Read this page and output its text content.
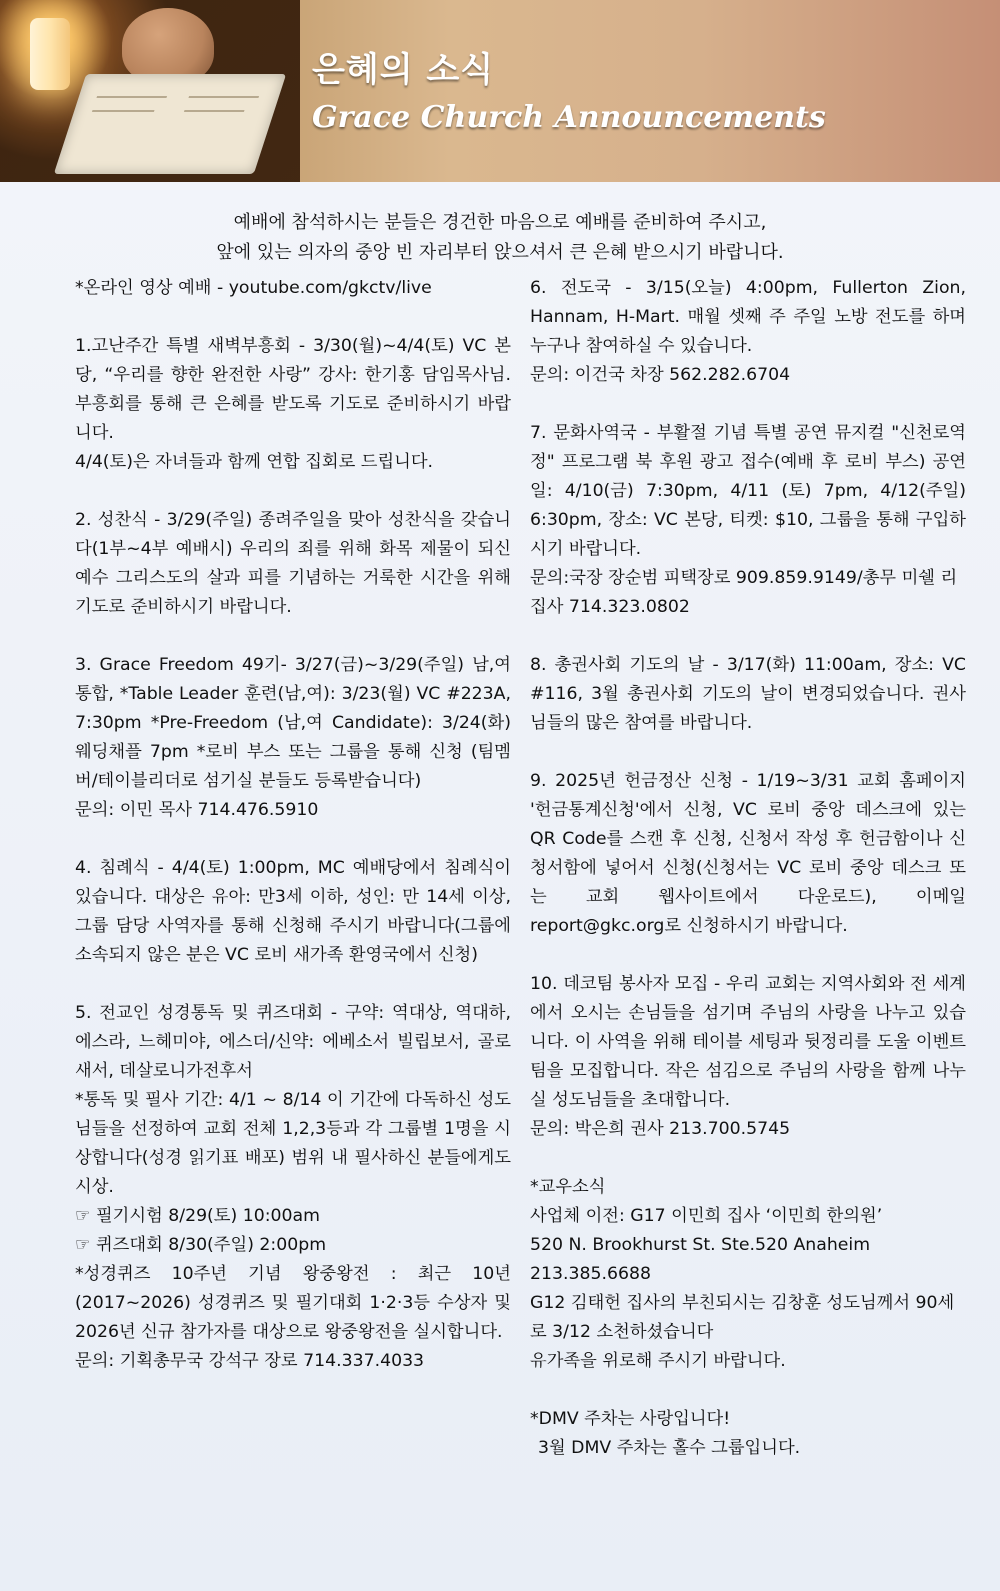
은혜의 소식
Grace Church Announcements

예배에 참석하시는 분들은 경건한 마음으로 예배를 준비하여 주시고,

앞에 있는 의자의 중앙 빈 자리부터 앉으셔서 큰 은혜 받으시기 바랍니다.

*온라인 영상 예배 - youtube.com/gkctv/live

1.고난주간 특별 새벽부흥회 - 3/30(월)~4/4(토) VC 본당, “우리를 향한 완전한 사랑” 강사: 한기홍 담임목사님. 부흥회를 통해 큰 은혜를 받도록 기도로 준비하시기 바랍니다.

4/4(토)은 자녀들과 함께 연합 집회로 드립니다.

2. 성찬식 - 3/29(주일) 종려주일을 맞아 성찬식을 갖습니다(1부~4부 예배시) 우리의 죄를 위해 화목 제물이 되신 예수 그리스도의 살과 피를 기념하는 거룩한 시간을 위해 기도로 준비하시기 바랍니다.

3. Grace Freedom 49기- 3/27(금)~3/29(주일) 남,여 통합, *Table Leader 훈련(남,여): 3/23(월) VC #223A, 7:30pm *Pre-Freedom (남,여 Candidate): 3/24(화) 웨딩채플 7pm *로비 부스 또는 그룹을 통해 신청 (팀멤버/테이블리더로 섬기실 분들도 등록받습니다)

문의: 이민 목사 714.476.5910

4. 침례식 - 4/4(토) 1:00pm, MC 예배당에서 침례식이 있습니다. 대상은 유아: 만3세 이하, 성인: 만 14세 이상, 그룹 담당 사역자를 통해 신청해 주시기 바랍니다(그룹에 소속되지 않은 분은 VC 로비 새가족 환영국에서 신청)

5. 전교인 성경통독 및 퀴즈대회 - 구약: 역대상, 역대하, 에스라, 느헤미야, 에스더/신약: 에베소서 빌립보서, 골로새서, 데살로니가전후서

*통독 및 필사 기간: 4/1 ~ 8/14 이 기간에 다독하신 성도님들을 선정하여 교회 전체 1,2,3등과 각 그룹별 1명을 시상합니다(성경 읽기표 배포) 범위 내 필사하신 분들에게도 시상.

☞ 필기시험 8/29(토) 10:00am

☞ 퀴즈대회 8/30(주일) 2:00pm

*성경퀴즈 10주년 기념 왕중왕전 : 최근 10년(2017~2026) 성경퀴즈 및 필기대회 1·2·3등 수상자 및 2026년 신규 참가자를 대상으로 왕중왕전을 실시합니다.

문의: 기획총무국 강석구 장로 714.337.4033

6. 전도국 - 3/15(오늘) 4:00pm, Fullerton Zion, Hannam, H-Mart. 매월 셋째 주 주일 노방 전도를 하며 누구나 참여하실 수 있습니다.

문의: 이건국 차장 562.282.6704

7. 문화사역국 - 부활절 기념 특별 공연 뮤지컬 "신천로역정" 프로그램 북 후원 광고 접수(예배 후 로비 부스) 공연일: 4/10(금) 7:30pm, 4/11 (토) 7pm, 4/12(주일) 6:30pm, 장소: VC 본당, 티켓: $10, 그룹을 통해 구입하시기 바랍니다.

문의:국장 장순범 피택장로 909.859.9149/총무 미쉘 리 집사 714.323.0802

8. 총권사회 기도의 날 - 3/17(화) 11:00am, 장소: VC #116, 3월 총권사회 기도의 날이 변경되었습니다. 권사님들의 많은 참여를 바랍니다.

9. 2025년 헌금정산 신청 - 1/19~3/31 교회 홈페이지 '헌금통계신청'에서 신청, VC 로비 중앙 데스크에 있는 QR Code를 스캔 후 신청, 신청서 작성 후 헌금함이나 신청서함에 넣어서 신청(신청서는 VC 로비 중앙 데스크 또는 교회 웹사이트에서 다운로드), 이메일 report@gkc.org로 신청하시기 바랍니다.

10. 데코팀 봉사자 모집 - 우리 교회는 지역사회와 전 세계에서 오시는 손님들을 섬기며 주님의 사랑을 나누고 있습니다. 이 사역을 위해 테이블 세팅과 뒷정리를 도울 이벤트팀을 모집합니다. 작은 섬김으로 주님의 사랑을 함께 나누실 성도님들을 초대합니다.

문의: 박은희 권사 213.700.5745

*교우소식

사업체 이전: G17 이민희 집사 ‘이민희 한의원’

520 N. Brookhurst St. Ste.520 Anaheim

213.385.6688

G12 김태헌 집사의 부친되시는 김창훈 성도님께서 90세로 3/12 소천하셨습니다

유가족을 위로해 주시기 바랍니다.

*DMV 주차는 사랑입니다!

3월 DMV 주차는 홀수 그룹입니다.
